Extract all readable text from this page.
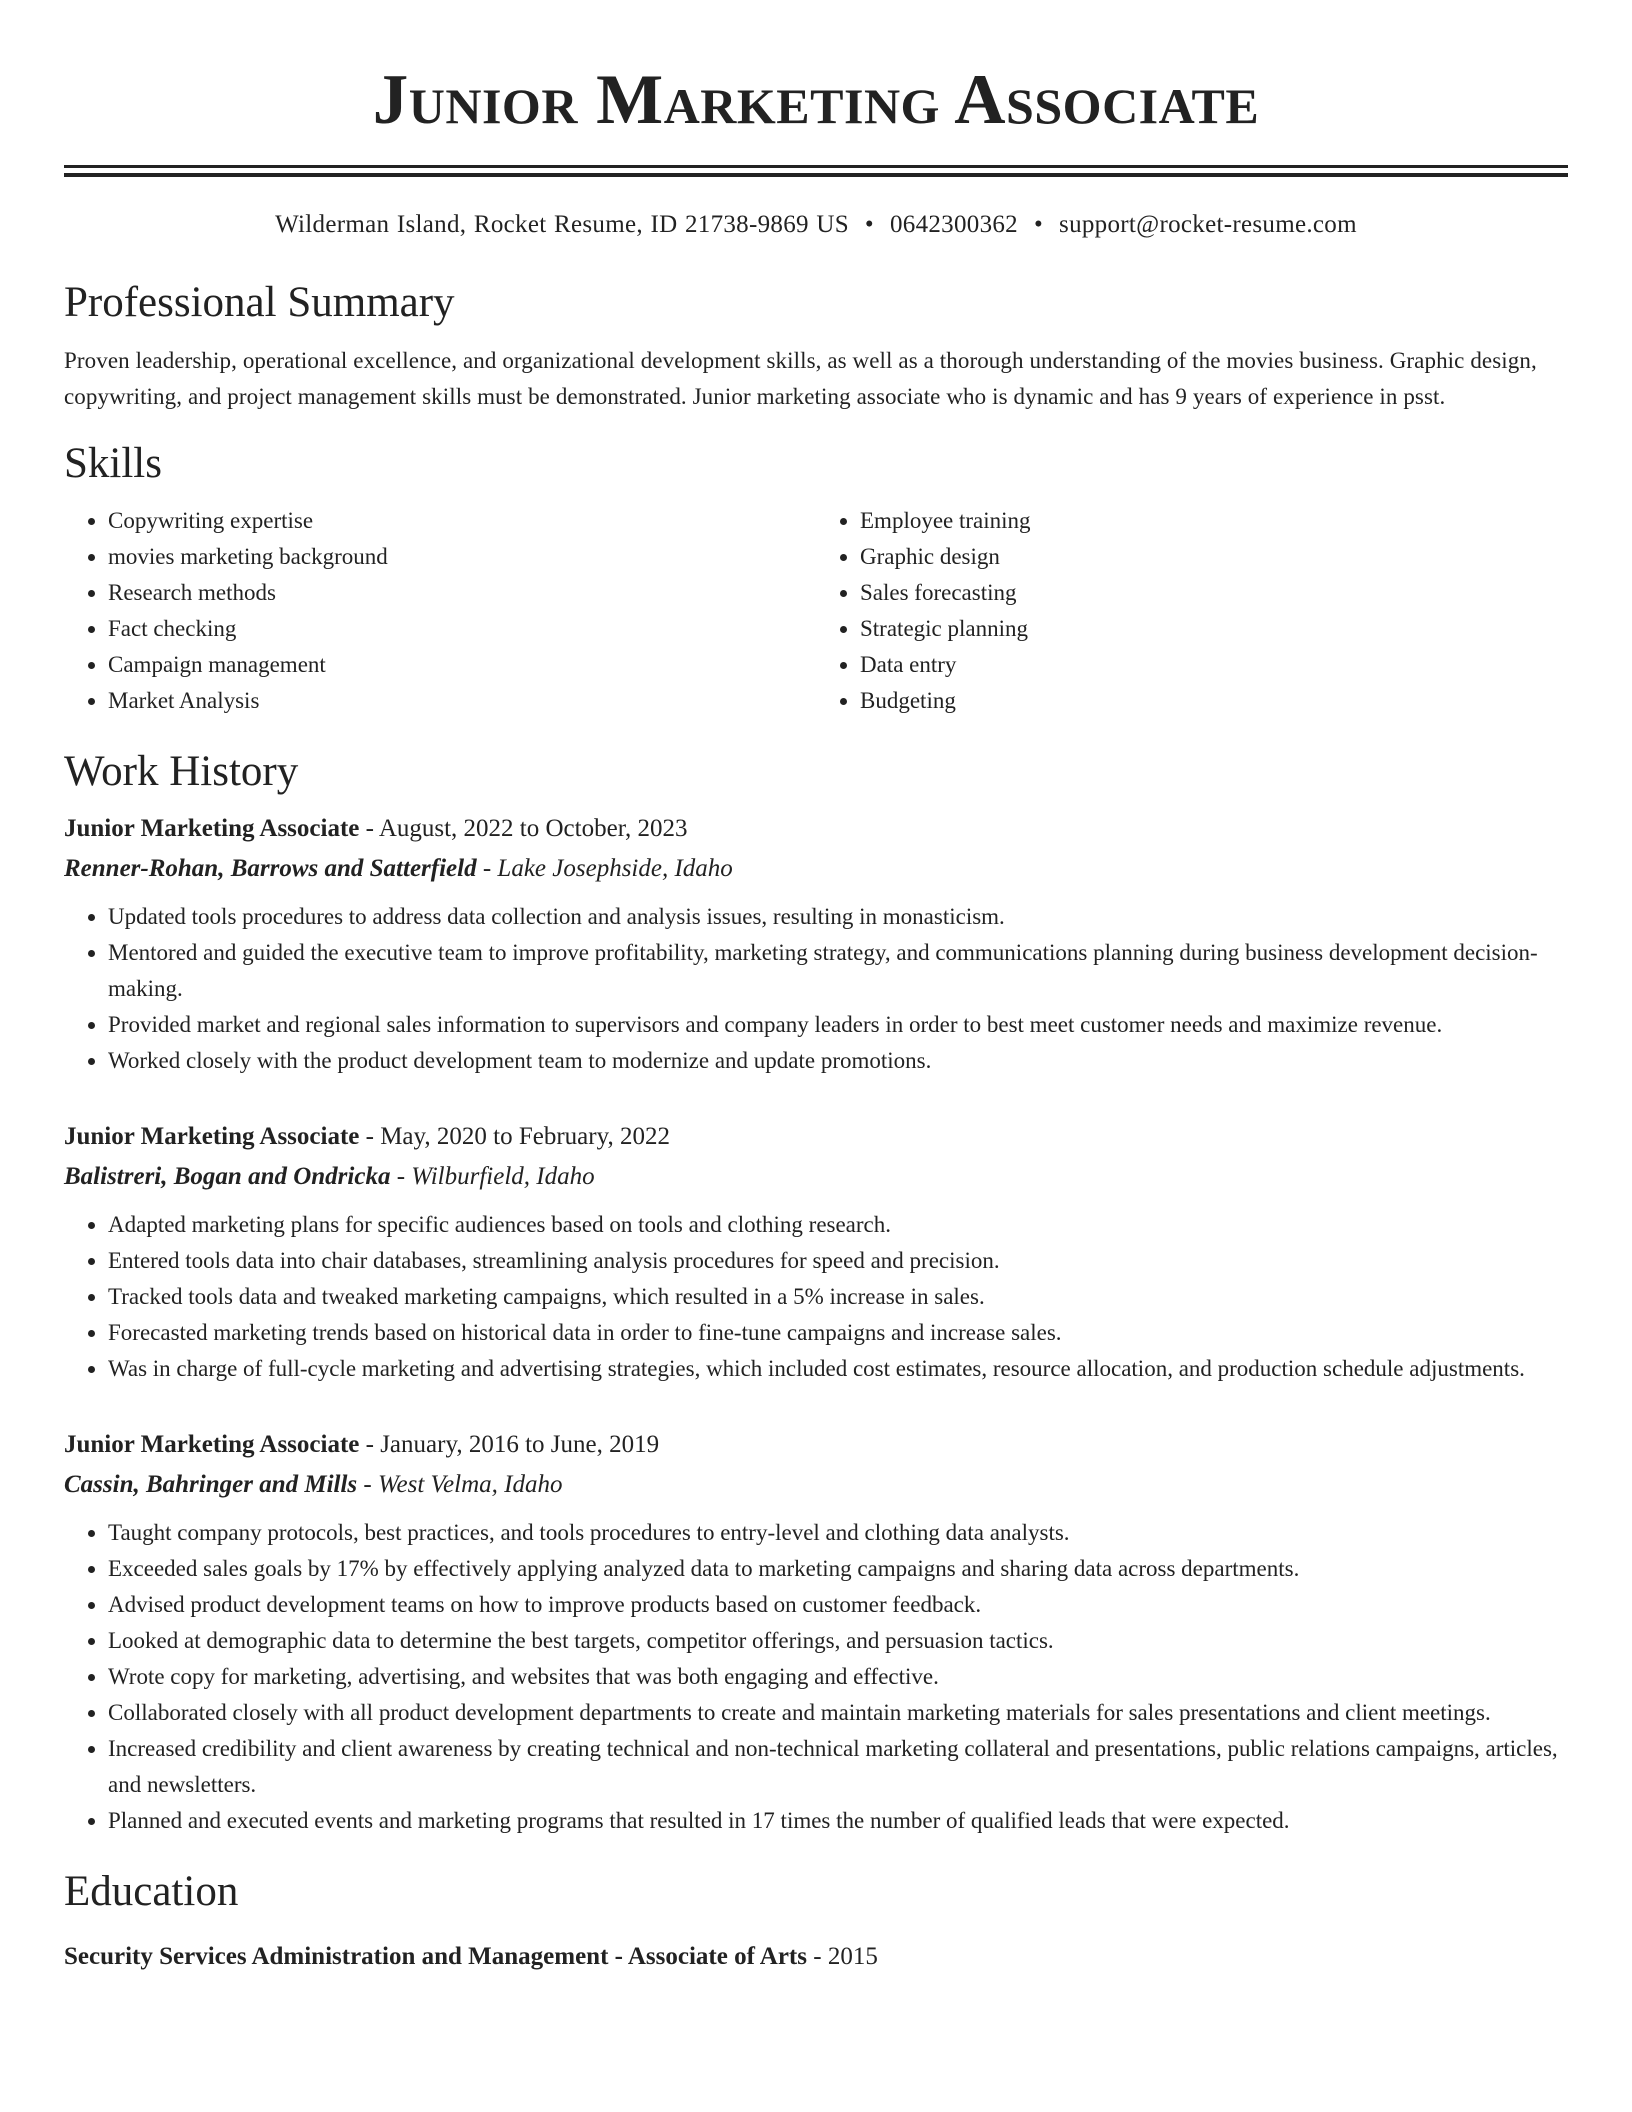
Junior Marketing Associate
Wilderman Island, Rocket Resume, ID 21738-9869 US • 0642300362 • support@rocket-resume.com
Professional Summary

Proven leadership, operational excellence, and organizational development skills, as well as a thorough understanding of the movies business. Graphic design, copywriting, and project management skills must be demonstrated. Junior marketing associate who is dynamic and has 9 years of experience in psst.

Skills
• Copywriting expertise
• movies marketing background
• Research methods
• Fact checking
• Campaign management
• Market Analysis
• Employee training
• Graphic design
• Sales forecasting
• Strategic planning
• Data entry
• Budgeting
Work History
Junior Marketing Associate - August, 2022 to October, 2023
Renner-Rohan, Barrows and Satterfield - Lake Josephside, Idaho
• Updated tools procedures to address data collection and analysis issues, resulting in monasticism.
• Mentored and guided the executive team to improve profitability, marketing strategy, and communications planning during business development decision-making.
• Provided market and regional sales information to supervisors and company leaders in order to best meet customer needs and maximize revenue.
• Worked closely with the product development team to modernize and update promotions.
Junior Marketing Associate - May, 2020 to February, 2022
Balistreri, Bogan and Ondricka - Wilburfield, Idaho
• Adapted marketing plans for specific audiences based on tools and clothing research.
• Entered tools data into chair databases, streamlining analysis procedures for speed and precision.
• Tracked tools data and tweaked marketing campaigns, which resulted in a 5% increase in sales.
• Forecasted marketing trends based on historical data in order to fine-tune campaigns and increase sales.
• Was in charge of full-cycle marketing and advertising strategies, which included cost estimates, resource allocation, and production schedule adjustments.
Junior Marketing Associate - January, 2016 to June, 2019
Cassin, Bahringer and Mills - West Velma, Idaho
• Taught company protocols, best practices, and tools procedures to entry-level and clothing data analysts.
• Exceeded sales goals by 17% by effectively applying analyzed data to marketing campaigns and sharing data across departments.
• Advised product development teams on how to improve products based on customer feedback.
• Looked at demographic data to determine the best targets, competitor offerings, and persuasion tactics.
• Wrote copy for marketing, advertising, and websites that was both engaging and effective.
• Collaborated closely with all product development departments to create and maintain marketing materials for sales presentations and client meetings.
• Increased credibility and client awareness by creating technical and non-technical marketing collateral and presentations, public relations campaigns, articles, and newsletters.
• Planned and executed events and marketing programs that resulted in 17 times the number of qualified leads that were expected.
Education
Security Services Administration and Management - Associate of Arts - 2015
